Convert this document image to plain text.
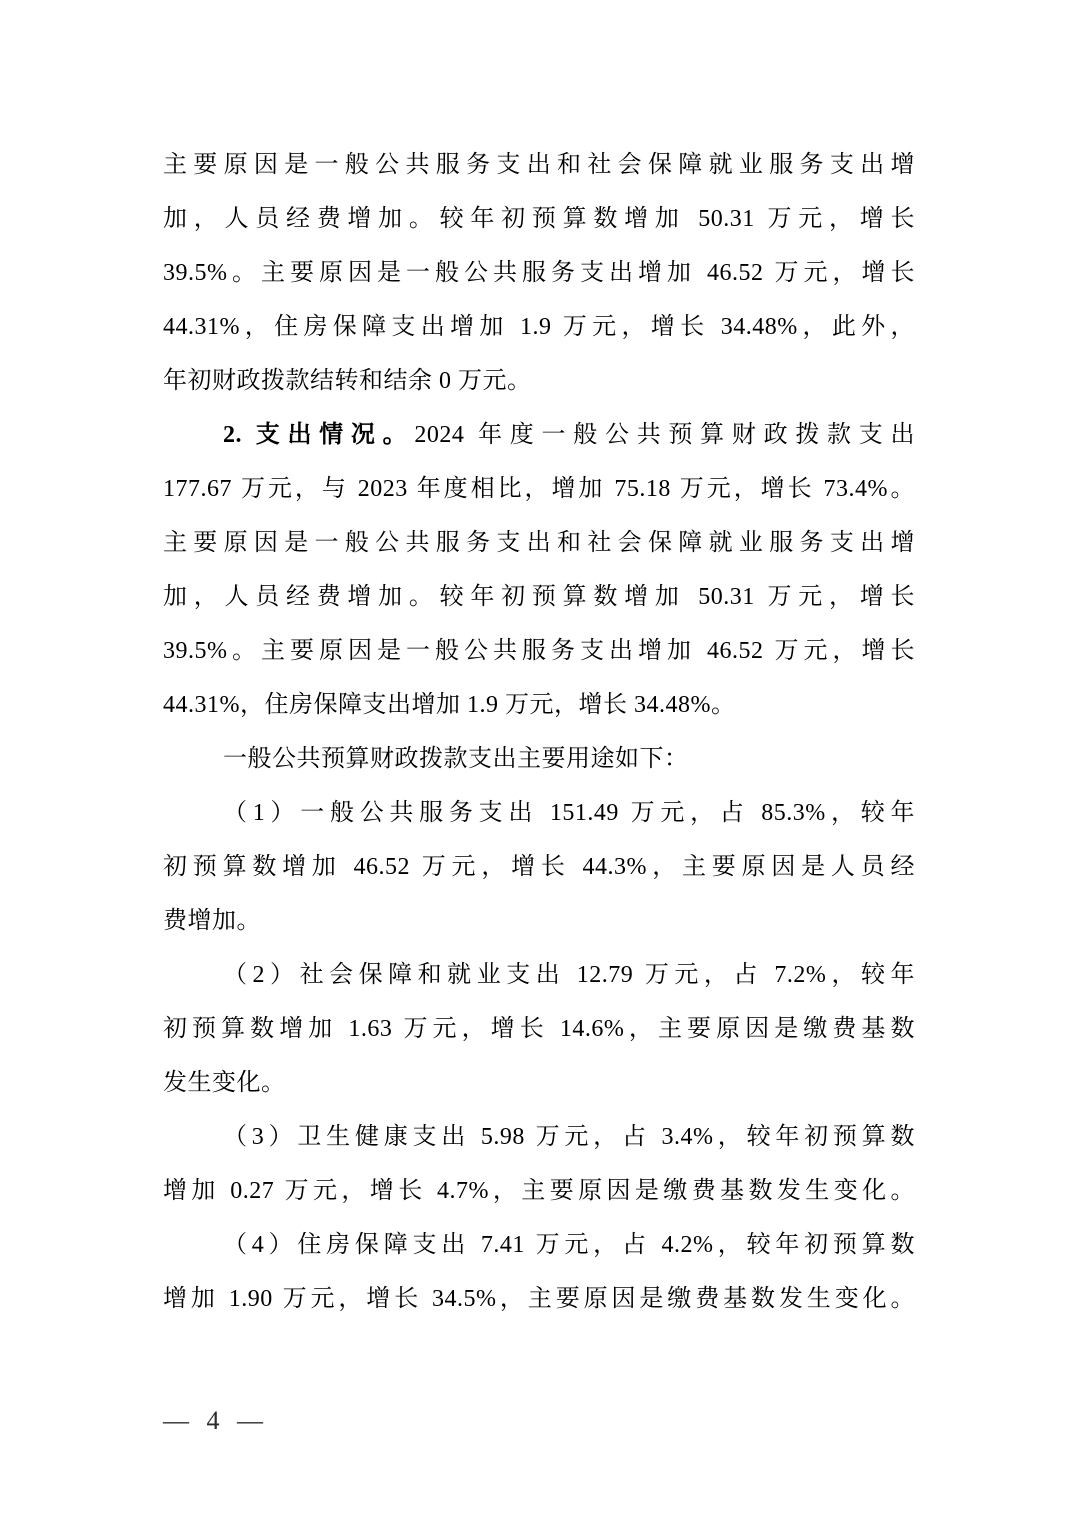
主要原因是一般公共服务支出和社会保障就业服务支出增
加，人员经费增加。较年初预算数增加 50.31 万元，增长
39.5%。主要原因是一般公共服务支出增加 46.52 万元，增长
44.31%，住房保障支出增加 1.9 万元，增长 34.48%，此外，
年初财政拨款结转和结余 0 万元。
2. 支出情况。2024 年度一般公共预算财政拨款支出
177.67 万元，与 2023 年度相比，增加 75.18 万元，增长 73.4%。
主要原因是一般公共服务支出和社会保障就业服务支出增
加，人员经费增加。较年初预算数增加 50.31 万元，增长
39.5%。主要原因是一般公共服务支出增加 46.52 万元，增长
44.31%，住房保障支出增加 1.9 万元，增长 34.48%。
一般公共预算财政拨款支出主要用途如下：
（1）一般公共服务支出 151.49 万元，占 85.3%，较年
初预算数增加 46.52 万元，增长 44.3%，主要原因是人员经
费增加。
（2）社会保障和就业支出 12.79 万元，占 7.2%，较年
初预算数增加 1.63 万元，增长 14.6%，主要原因是缴费基数
发生变化。
（3）卫生健康支出 5.98 万元，占 3.4%，较年初预算数
增加 0.27 万元，增长 4.7%，主要原因是缴费基数发生变化。
（4）住房保障支出 7.41 万元，占 4.2%，较年初预算数
增加 1.90 万元，增长 34.5%，主要原因是缴费基数发生变化。
— 4 —
